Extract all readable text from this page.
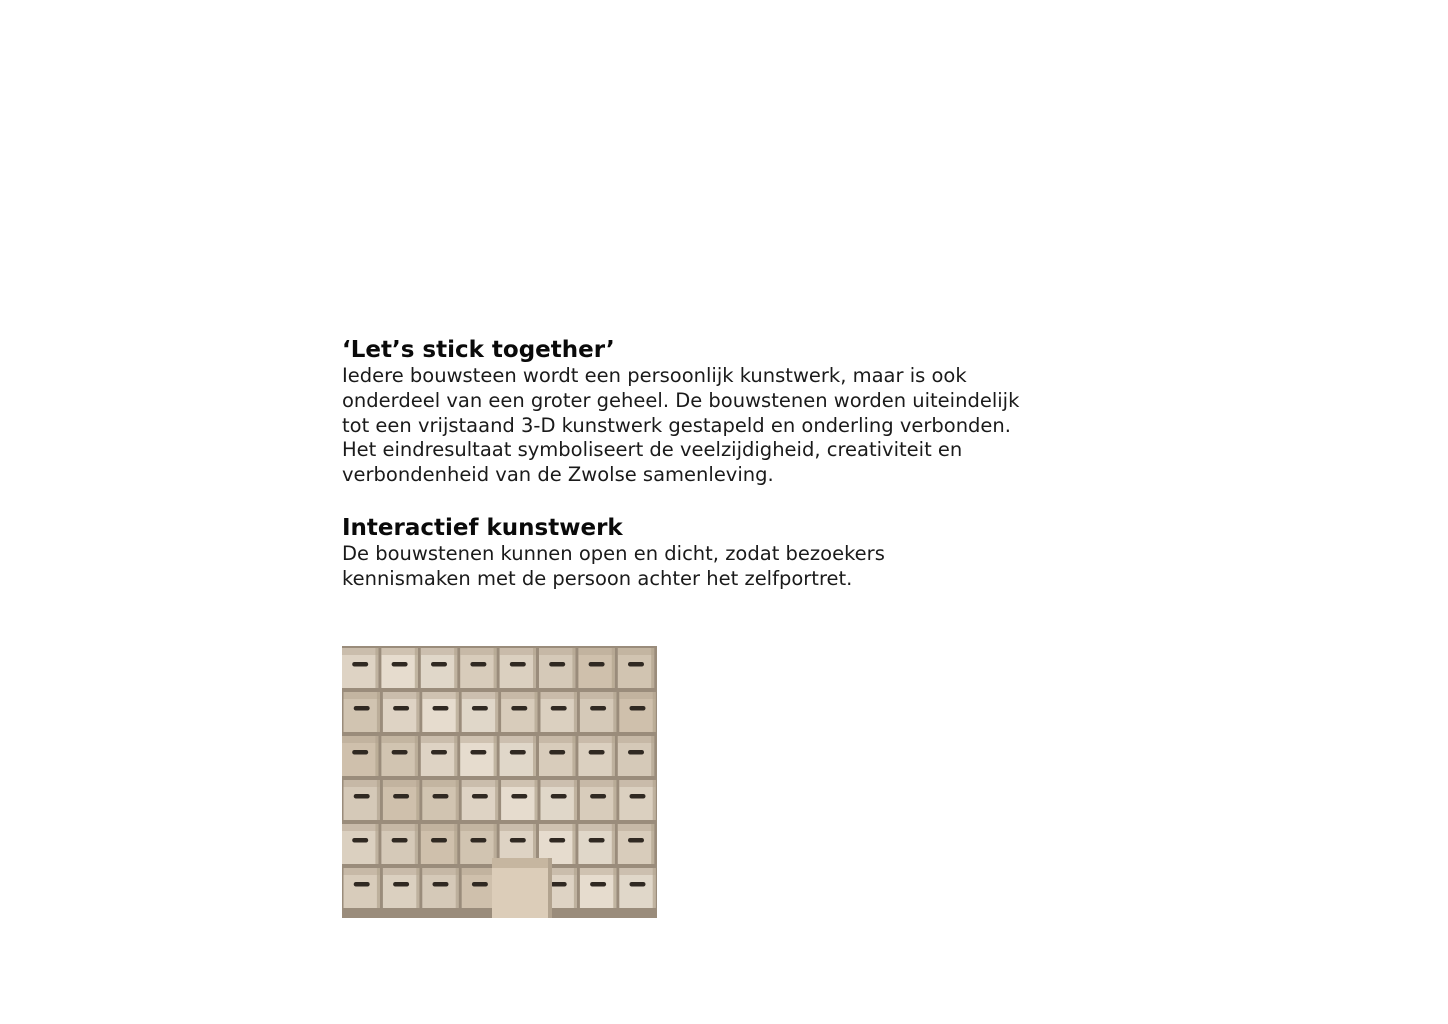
‘Let’s stick together’

Iedere bouwsteen wordt een persoonlijk kunstwerk, maar is ook
onderdeel van een groter geheel. De bouwstenen worden uiteindelijk
tot een vrijstaand 3-D kunstwerk gestapeld en onderling verbonden.
Het eindresultaat symboliseert de veelzijdigheid, creativiteit en
verbondenheid van de Zwolse samenleving.

Interactief kunstwerk

De bouwstenen kunnen open en dicht, zodat bezoekers
kennismaken met de persoon achter het zelfportret.
